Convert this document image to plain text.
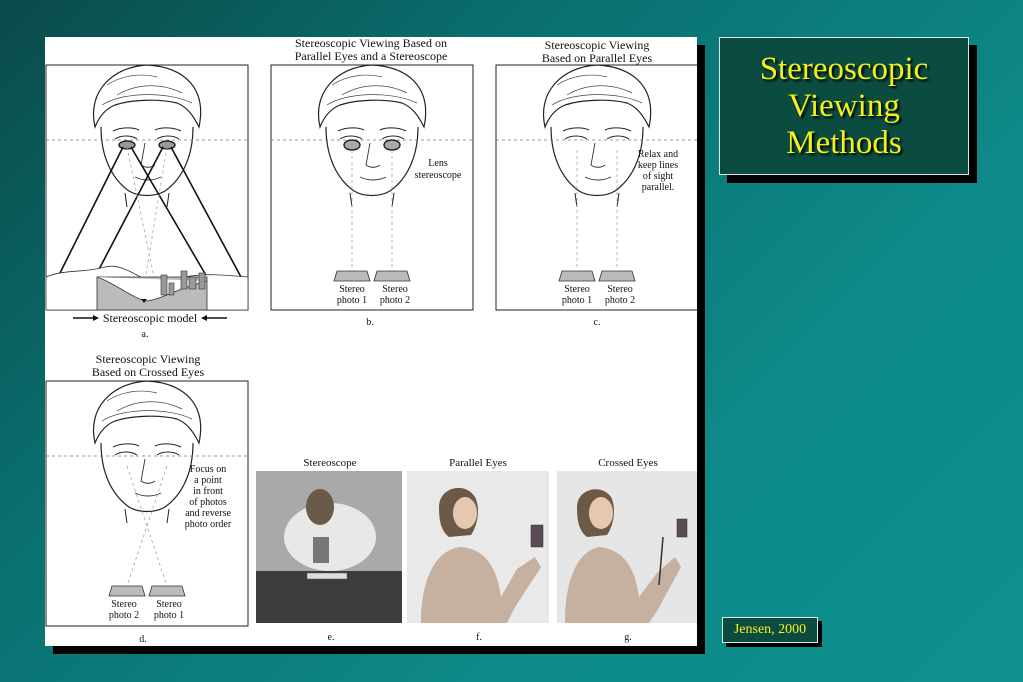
Stereoscopic model
a.
Stereoscopic Viewing Based on
Parallel Eyes and a Stereoscope
Lens
stereoscope
Stereo
photo 1
Stereo
photo 2
b.
Stereoscopic Viewing
Based on Parallel Eyes
Relax and
keep lines
of sight
parallel.
Stereo
photo 1
Stereo
photo 2
c.
Stereoscopic Viewing
Based on Crossed Eyes
Focus on
a point
in front
of photos
and reverse
photo order
Stereo
photo 2
Stereo
photo 1
d.
Stereoscope
e.
Parallel Eyes
f.
Crossed Eyes
g.
Stereoscopic Viewing Methods
Jensen, 2000
